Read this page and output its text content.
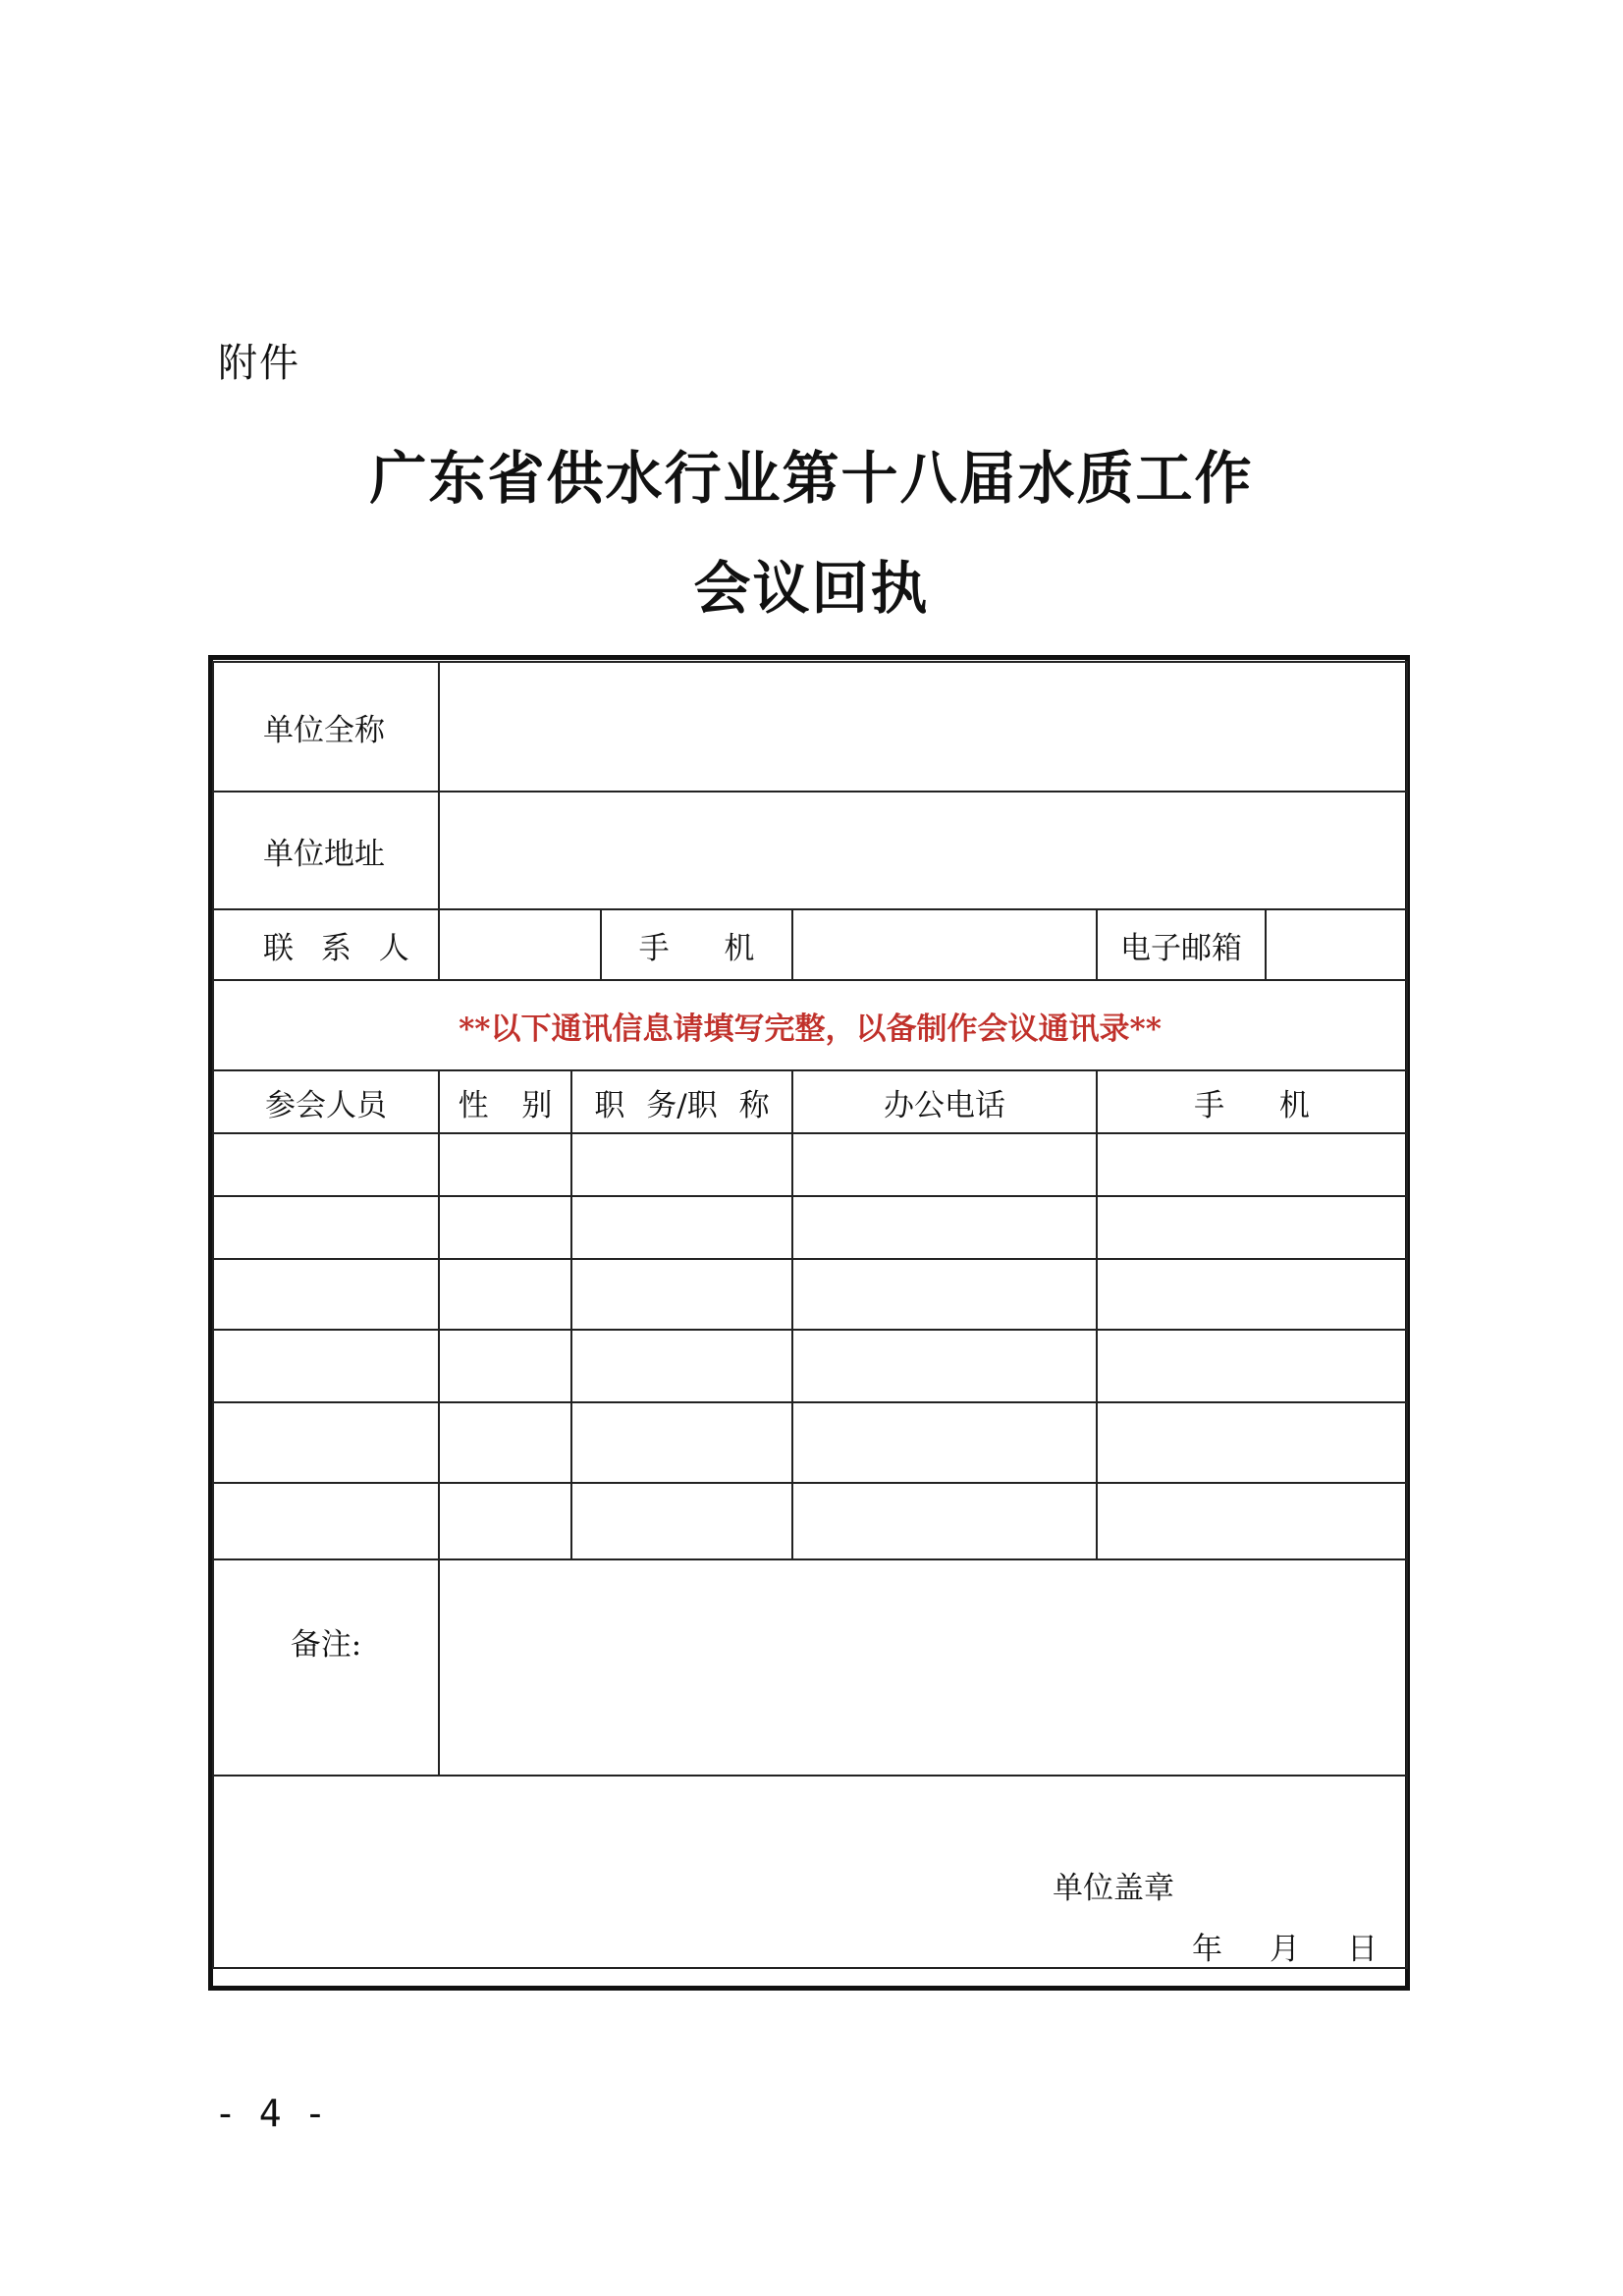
附件
广东省供水行业第十八届水质工作
会议回执
单位全称						
单位地址						
联 系 人			手 机		电子邮箱	
**以下通讯信息请填写完整，以备制作会议通讯录**						
参会人员	性 别	职 务/职 称		办公电话	手 机	

备注:						

单位盖章
年 月 日						
- 4 -
